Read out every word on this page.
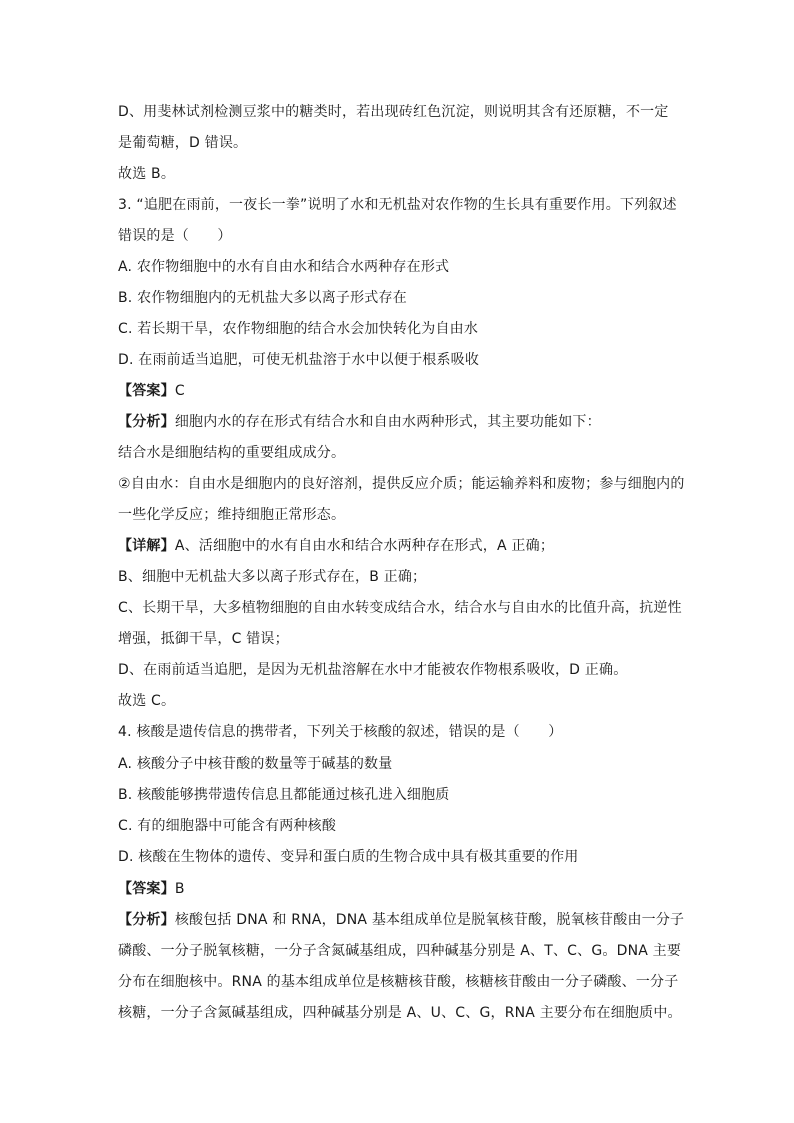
D、用斐林试剂检测豆浆中的糖类时，若出现砖红色沉淀，则说明其含有还原糖，不一定
是葡萄糖，D 错误。
故选 B。
3. “追肥在雨前，一夜长一拳”说明了水和无机盐对农作物的生长具有重要作用。下列叙述
错误的是（　　）
A. 农作物细胞中的水有自由水和结合水两种存在形式
B. 农作物细胞内的无机盐大多以离子形式存在
C. 若长期干旱，农作物细胞的结合水会加快转化为自由水
D. 在雨前适当追肥，可使无机盐溶于水中以便于根系吸收
【答案】C
【分析】细胞内水的存在形式有结合水和自由水两种形式，其主要功能如下：
结合水是细胞结构的重要组成成分。
②自由水：自由水是细胞内的良好溶剂，提供反应介质；能运输养料和废物；参与细胞内的
一些化学反应；维持细胞正常形态。
【详解】A、活细胞中的水有自由水和结合水两种存在形式，A 正确；
B、细胞中无机盐大多以离子形式存在，B 正确；
C、长期干旱，大多植物细胞的自由水转变成结合水，结合水与自由水的比值升高，抗逆性
增强，抵御干旱，C 错误；
D、在雨前适当追肥，是因为无机盐溶解在水中才能被农作物根系吸收，D 正确。
故选 C。
4. 核酸是遗传信息的携带者，下列关于核酸的叙述，错误的是（　　）
A. 核酸分子中核苷酸的数量等于碱基的数量
B. 核酸能够携带遗传信息且都能通过核孔进入细胞质
C. 有的细胞器中可能含有两种核酸
D. 核酸在生物体的遗传、变异和蛋白质的生物合成中具有极其重要的作用
【答案】B
【分析】核酸包括 DNA 和 RNA，DNA 基本组成单位是脱氧核苷酸，脱氧核苷酸由一分子
磷酸、一分子脱氧核糖，一分子含氮碱基组成，四种碱基分别是 A、T、C、G。DNA 主要
分布在细胞核中。RNA 的基本组成单位是核糖核苷酸，核糖核苷酸由一分子磷酸、一分子
核糖，一分子含氮碱基组成，四种碱基分别是 A、U、C、G，RNA 主要分布在细胞质中。
